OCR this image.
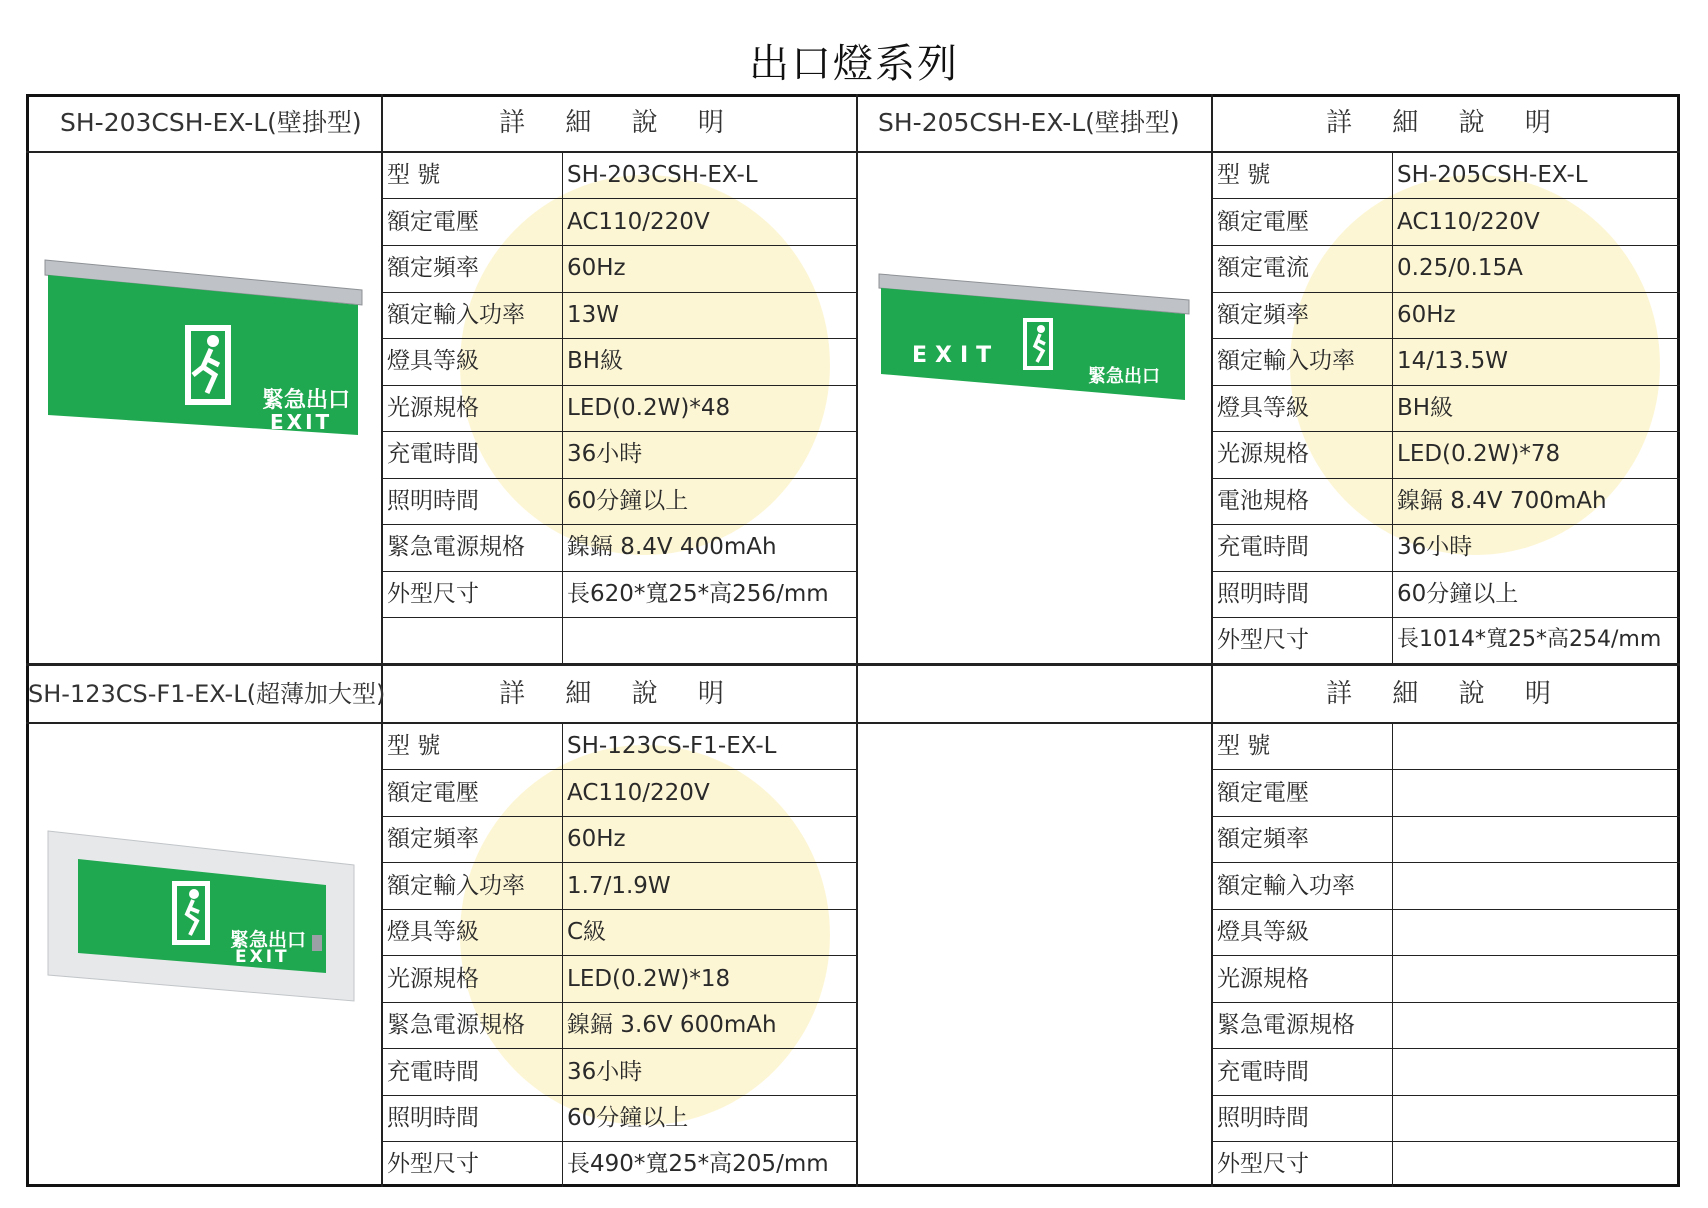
出口燈系列
緊急出口
EXIT
EXIT
緊急出口
緊急出口
EXIT
SH-203CSH-EX-L(壁掛型)	詳 細 說 明	SH-205CSH-EX-L(壁掛型)	詳 細 說 明
SH-123CS-F1-EX-L(超薄加大型)	詳 細 說 明	詳 細 說 明
型 號	SH-203CSH-EX-L
額定電壓	AC110/220V
額定頻率	60Hz
額定輸入功率 13W
燈具等級	BH級
光源規格	LED(0.2W)*48
充電時間	36小時
照明時間	60分鐘以上
緊急電源規格 鎳鎘 8.4V 400mAh
外型尺寸	長620*寬25*高256/mm
型 號	SH-205CSH-EX-L
額定電壓	AC110/220V
額定電流	0.25/0.15A
額定頻率	60Hz
額定輸入功率 14/13.5W
燈具等級	BH級
光源規格	LED(0.2W)*78
電池規格	鎳鎘 8.4V 700mAh
充電時間	36小時
照明時間	60分鐘以上
外型尺寸	長1014*寬25*高254/mm
型 號	SH-123CS-F1-EX-L
額定電壓	AC110/220V
額定頻率	60Hz
額定輸入功率 1.7/1.9W
燈具等級	C級
光源規格	LED(0.2W)*18
緊急電源規格 鎳鎘 3.6V 600mAh
充電時間	36小時
照明時間	60分鐘以上
外型尺寸	長490*寬25*高205/mm
型 號
額定電壓
額定頻率
額定輸入功率
燈具等級
光源規格
緊急電源規格
充電時間
照明時間
外型尺寸
